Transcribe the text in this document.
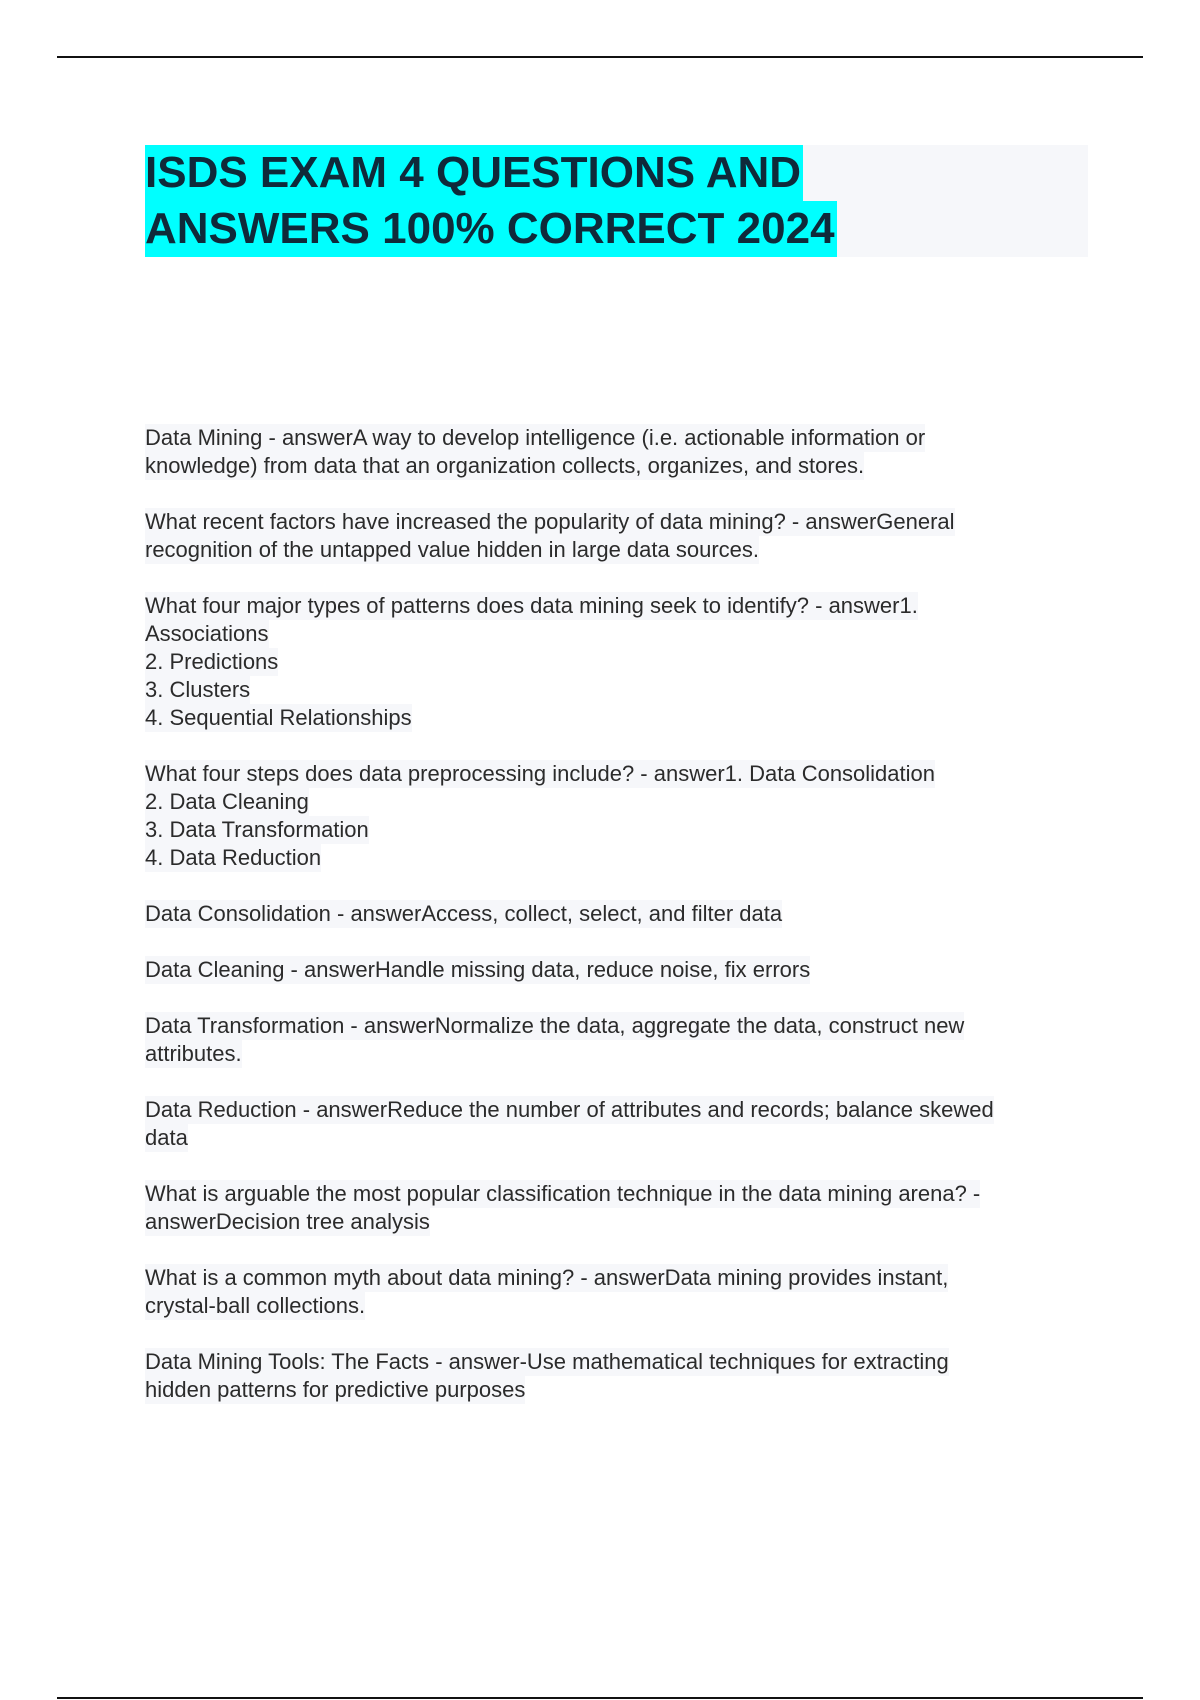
ISDS EXAM 4 QUESTIONS AND
ANSWERS 100% CORRECT 2024
Data Mining - answerA way to develop intelligence (i.e. actionable information or
knowledge) from data that an organization collects, organizes, and stores.
What recent factors have increased the popularity of data mining? - answerGeneral
recognition of the untapped value hidden in large data sources.
What four major types of patterns does data mining seek to identify? - answer1.
Associations
2. Predictions
3. Clusters
4. Sequential Relationships
What four steps does data preprocessing include? - answer1. Data Consolidation
2. Data Cleaning
3. Data Transformation
4. Data Reduction
Data Consolidation - answerAccess, collect, select, and filter data
Data Cleaning - answerHandle missing data, reduce noise, fix errors
Data Transformation - answerNormalize the data, aggregate the data, construct new
attributes.
Data Reduction - answerReduce the number of attributes and records; balance skewed
data
What is arguable the most popular classification technique in the data mining arena? -
answerDecision tree analysis
What is a common myth about data mining? - answerData mining provides instant,
crystal-ball collections.
Data Mining Tools: The Facts - answer-Use mathematical techniques for extracting
hidden patterns for predictive purposes
